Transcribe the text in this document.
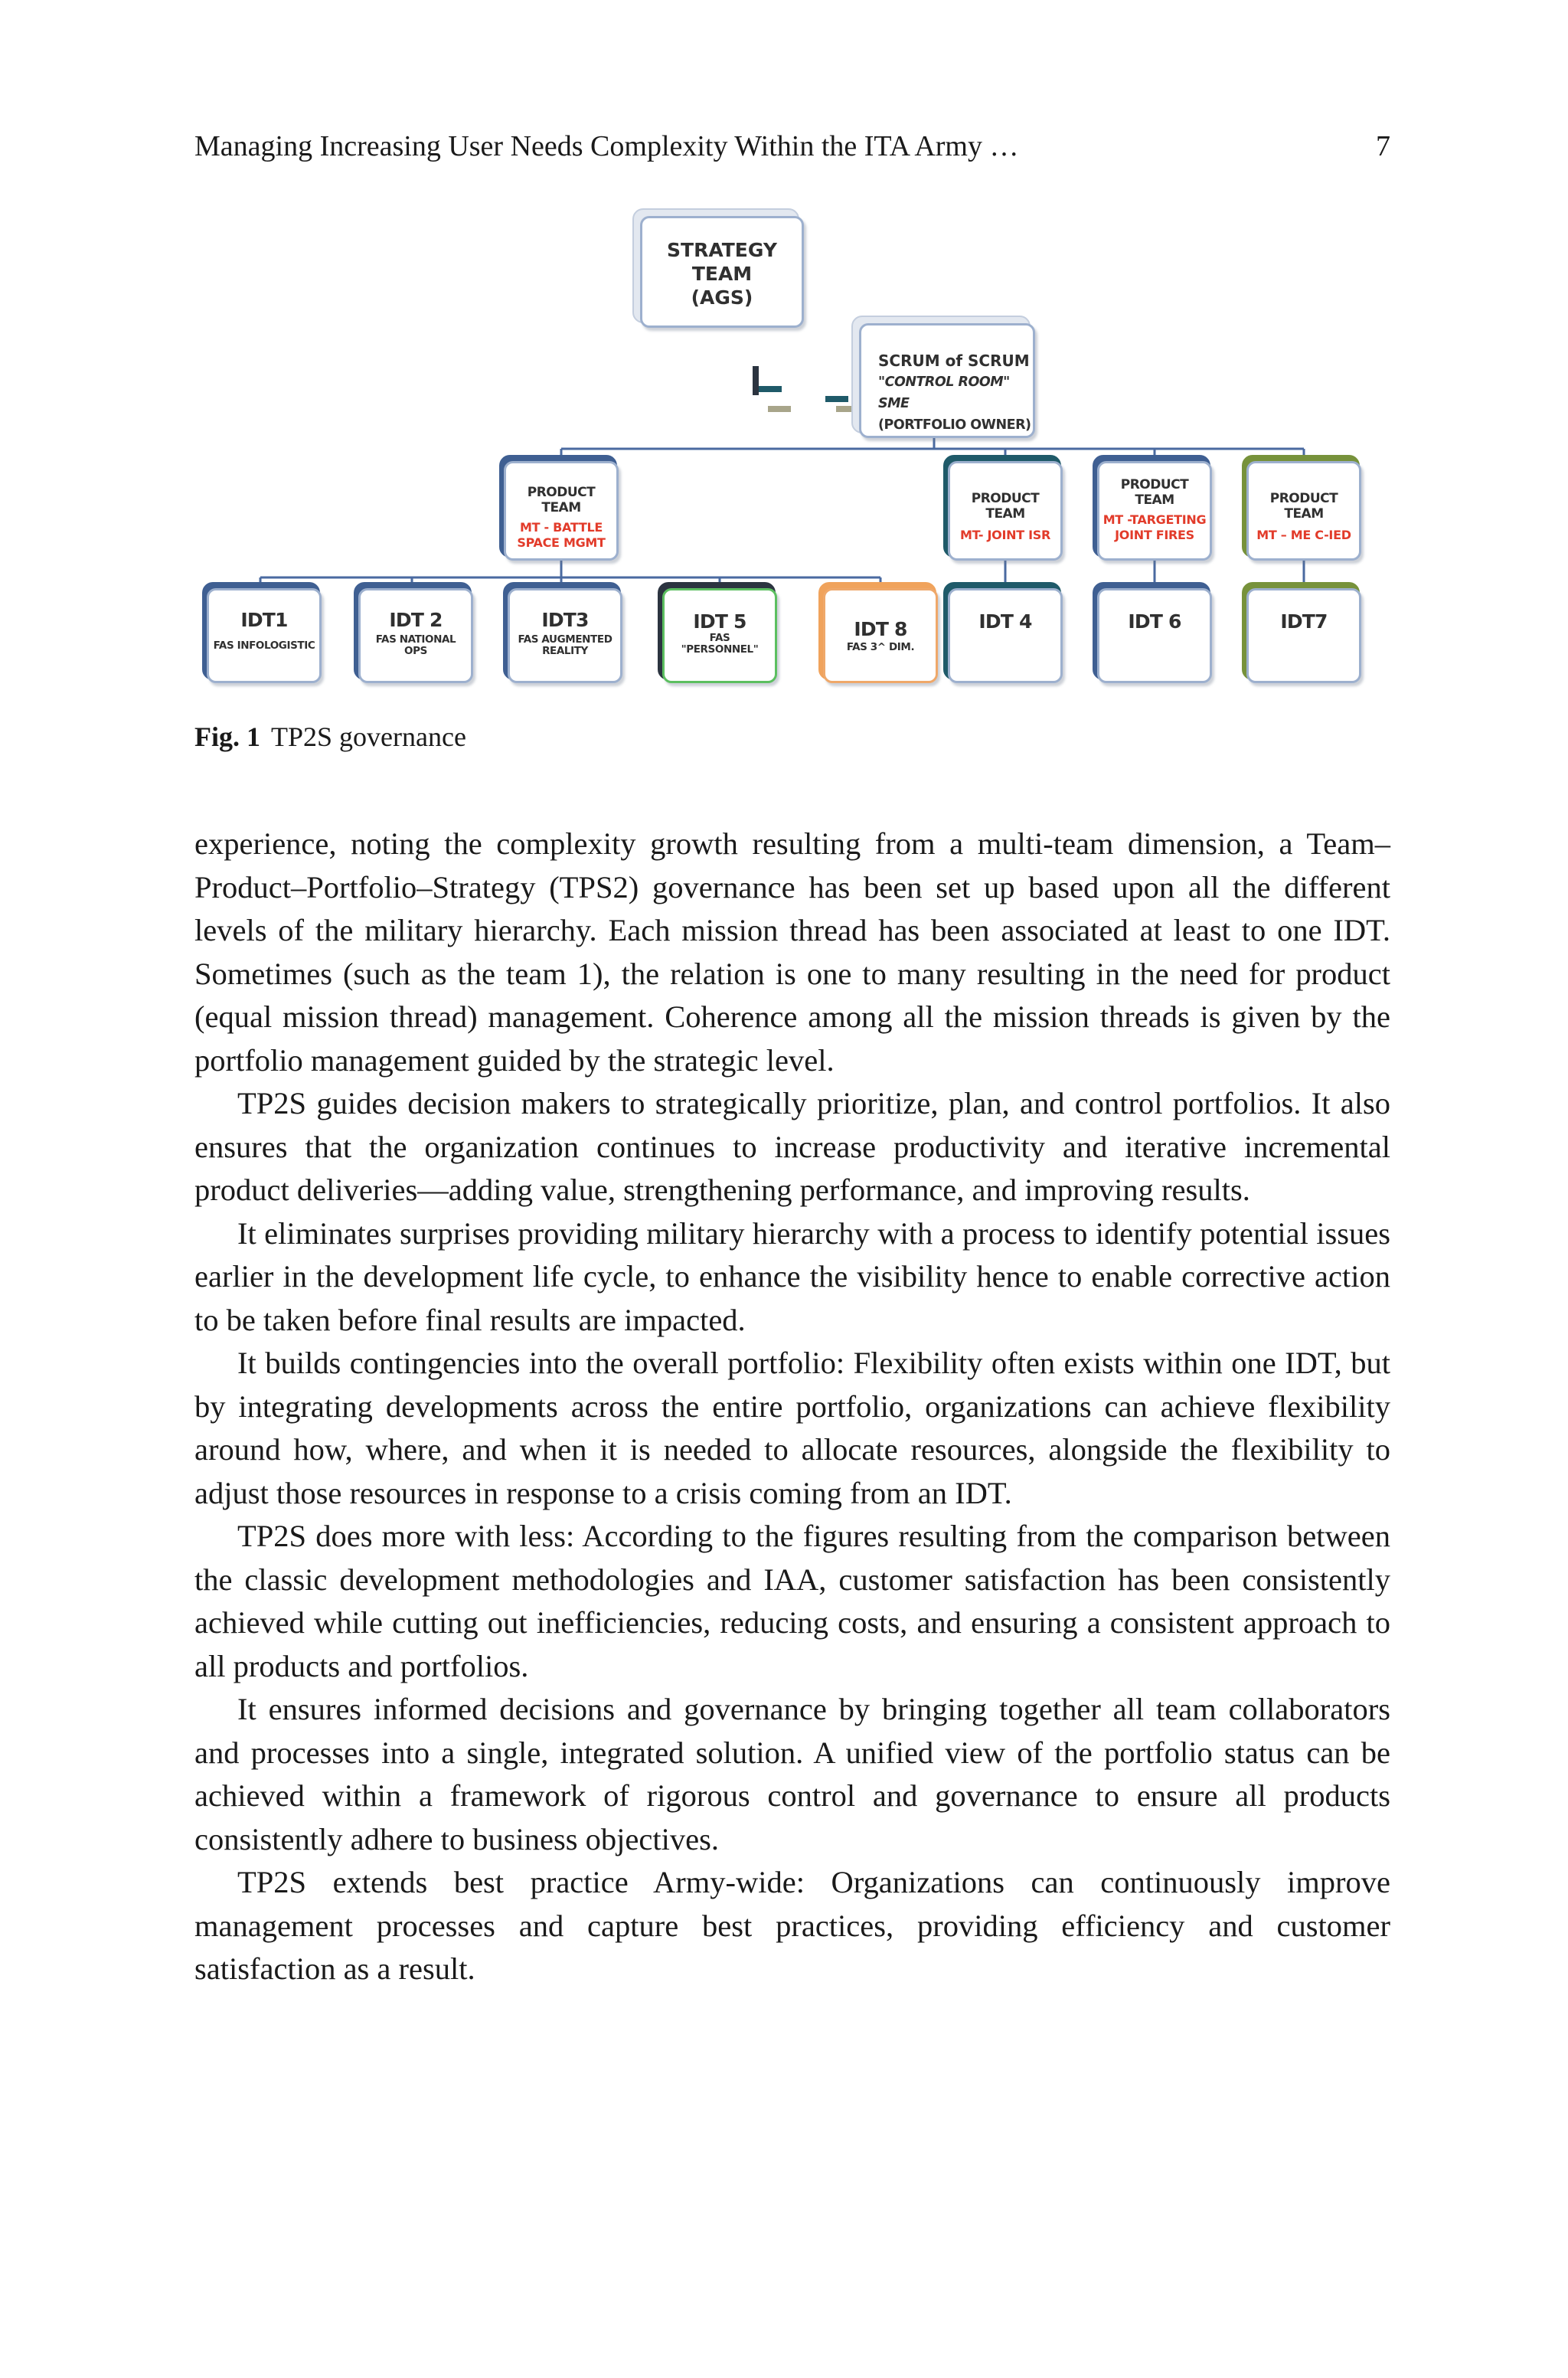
Managing Increasing User Needs Complexity Within the ITA Army …	7
STRATEGY
TEAM
(AGS)
SCRUM of SCRUM
"CONTROL ROOM" SME
(PORTFOLIO OWNER)
PRODUCT TEAM
MT - BATTLE
SPACE MGMT
PRODUCT TEAM
MT- JOINT ISR
PRODUCT TEAM
MT -TARGETING
JOINT FIRES
PRODUCT TEAM
MT – ME C-IED
IDT1
FAS INFOLOGISTIC
IDT 2
FAS NATIONAL
OPS
IDT3
FAS AUGMENTED
REALITY
IDT 5
FAS
"PERSONNEL"
IDT 8
FAS 3^ DIM.
IDT 4	IDT 6	IDT7
Fig. 1 TP2S governance

experience, noting the complexity growth resulting from a multi-team dimension, a Team–Product–Portfolio–Strategy (TPS2) governance has been set up based upon all the different levels of the military hierarchy. Each mission thread has been associated at least to one IDT. Sometimes (such as the team 1), the relation is one to many resulting in the need for product (equal mission thread) management. Coherence among all the mission threads is given by the portfolio management guided by the strategic level.

TP2S guides decision makers to strategically prioritize, plan, and control portfolios. It also ensures that the organization continues to increase productivity and iterative incremental product deliveries—adding value, strengthening performance, and improving results.

It eliminates surprises providing military hierarchy with a process to identify potential issues earlier in the development life cycle, to enhance the visibility hence to enable corrective action to be taken before final results are impacted.

It builds contingencies into the overall portfolio: Flexibility often exists within one IDT, but by integrating developments across the entire portfolio, organizations can achieve flexibility around how, where, and when it is needed to allocate resources, alongside the flexibility to adjust those resources in response to a crisis coming from an IDT.

TP2S does more with less: According to the figures resulting from the comparison between the classic development methodologies and IAA, customer satisfaction has been consistently achieved while cutting out inefficiencies, reducing costs, and ensuring a consistent approach to all products and portfolios.

It ensures informed decisions and governance by bringing together all team collaborators and processes into a single, integrated solution. A unified view of the portfolio status can be achieved within a framework of rigorous control and governance to ensure all products consistently adhere to business objectives.

TP2S extends best practice Army-wide: Organizations can continuously improve management processes and capture best practices, providing efficiency and customer satisfaction as a result.
